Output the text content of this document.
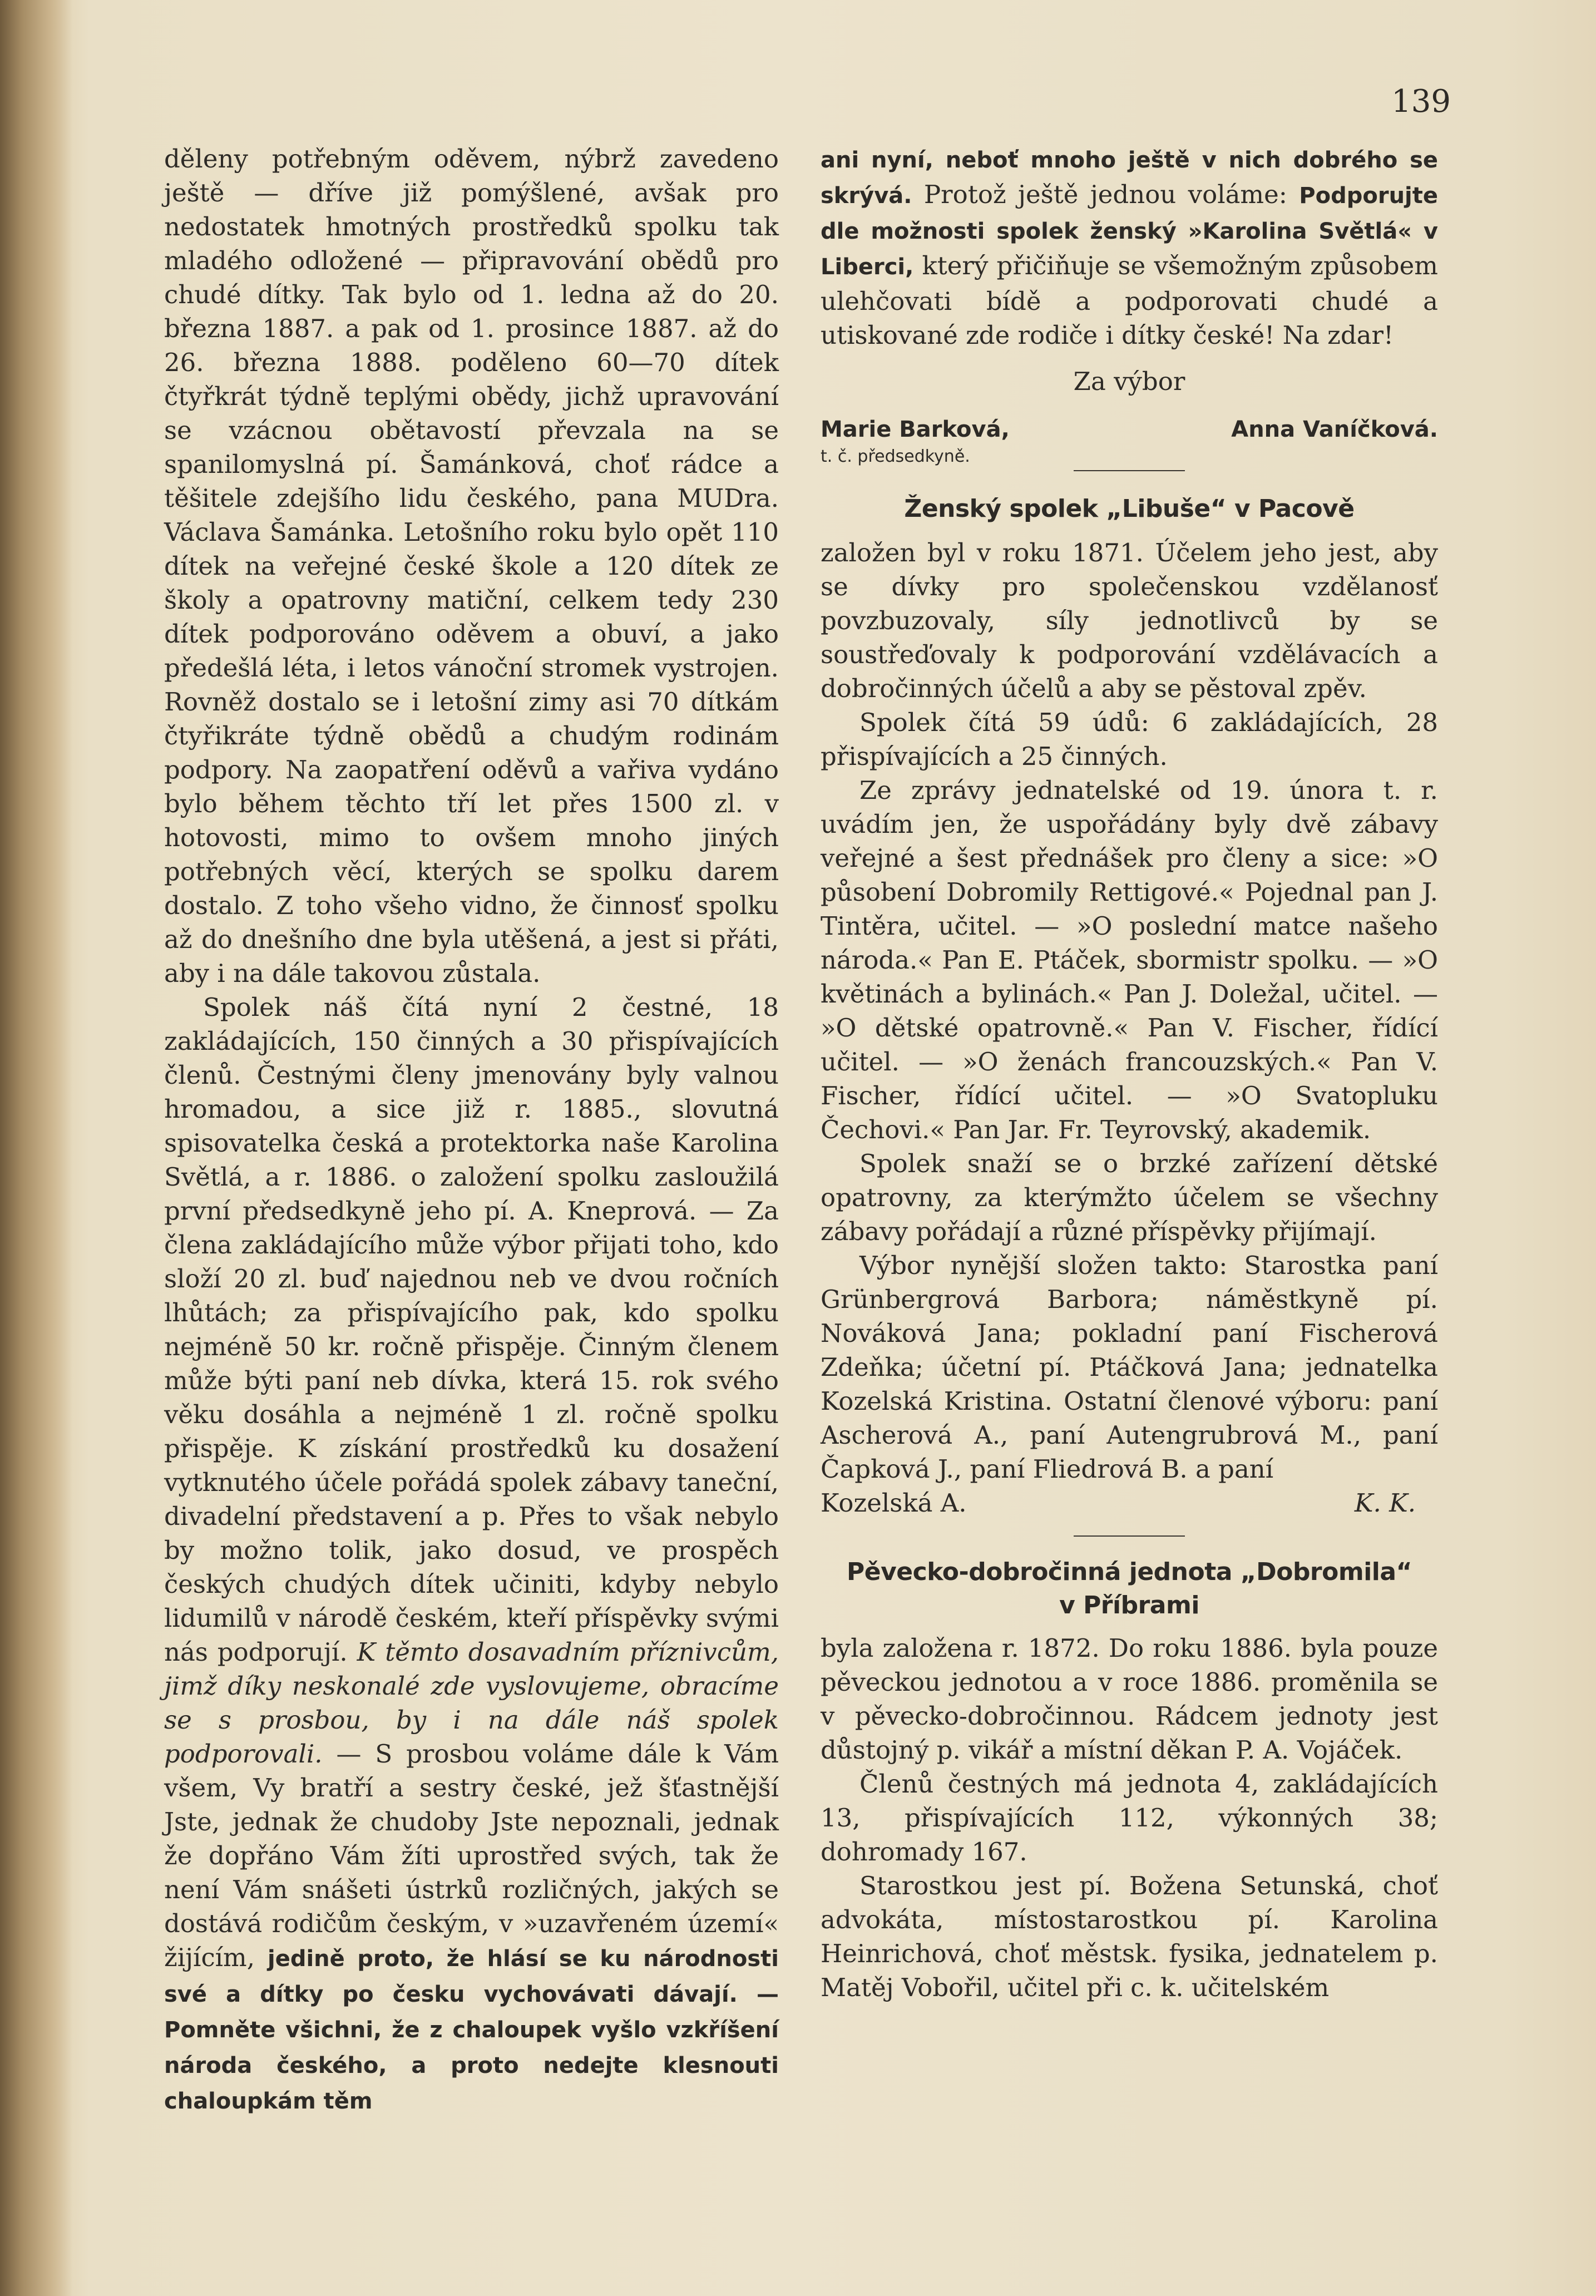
139

děleny potřebným oděvem, nýbrž zavedeno ještě — dříve již pomýšlené, avšak pro nedostatek hmotných prostředků spolku tak mladého odložené — připravování obědů pro chudé dítky. Tak bylo od 1. ledna až do 20. března 1887. a pak od 1. prosince 1887. až do 26. března 1888. poděleno 60—70 dítek čtyřkrát týdně teplými obědy, jichž upravování se vzácnou obětavostí převzala na se spanilomyslná pí. Šamánková, choť rádce a těšitele zdejšího lidu českého, pana MUDra. Václava Šamánka. Letošního roku bylo opět 110 dítek na veřejné české škole a 120 dítek ze školy a opatrovny matiční, celkem tedy 230 dítek podporováno oděvem a obuví, a jako předešlá léta, i letos vánoční stromek vystrojen. Rovněž dostalo se i letošní zimy asi 70 dítkám čtyřikráte týdně obědů a chudým rodinám podpory. Na zaopatření oděvů a vařiva vydáno bylo během těchto tří let přes 1500 zl. v hotovosti, mimo to ovšem mnoho jiných potřebných věcí, kterých se spolku darem dostalo. Z toho všeho vidno, že činnosť spolku až do dnešního dne byla utěšená, a jest si přáti, aby i na dále takovou zůstala.

Spolek náš čítá nyní 2 čestné, 18 zakládajících, 150 činných a 30 přispívajících členů. Čestnými členy jmenovány byly valnou hromadou, a sice již r. 1885., slovutná spisovatelka česká a protektorka naše Karolina Světlá, a r. 1886. o založení spolku zasloužilá první předsedkyně jeho pí. A. Kneprová. — Za člena zakládajícího může výbor přijati toho, kdo složí 20 zl. buď najednou neb ve dvou ročních lhůtách; za přispívajícího pak, kdo spolku nejméně 50 kr. ročně přispěje. Činným členem může býti paní neb dívka, která 15. rok svého věku dosáhla a nejméně 1 zl. ročně spolku přispěje. K získání prostředků ku dosažení vytknutého účele pořádá spolek zábavy taneční, divadelní představení a p. Přes to však nebylo by možno tolik, jako dosud, ve prospěch českých chudých dítek učiniti, kdyby nebylo lidumilů v národě českém, kteří příspěvky svými nás podporují. K těmto dosavadním příznivcům, jimž díky neskonalé zde vyslovujeme, obracíme se s prosbou, by i na dále náš spolek podporovali. — S prosbou voláme dále k Vám všem, Vy bratří a sestry české, jež šťastnější Jste, jednak že chudoby Jste nepoznali, jednak že dopřáno Vám žíti uprostřed svých, tak že není Vám snášeti ústrků rozličných, jakých se dostává rodičům českým, v »uzavřeném území« žijícím, jedině proto, že hlásí se ku národnosti své a dítky po česku vychovávati dávají. — Pomněte všichni, že z chaloupek vyšlo vzkříšení národa českého, a proto nedejte klesnouti chaloupkám těm

ani nyní, neboť mnoho ještě v nich dobrého se skrývá. Protož ještě jednou voláme: Podporujte dle možnosti spolek ženský »Karolina Světlá« v Liberci, který přičiňuje se všemožným způsobem ulehčovati bídě a podporovati chudé a utiskované zde rodiče i dítky české! Na zdar!

Za výbor

Marie Barková,	Anna Vaníčková.
t. č. předsedkyně.
Ženský spolek „Libuše“ v Pacově

založen byl v roku 1871. Účelem jeho jest, aby se dívky pro společenskou vzdělanosť povzbuzovaly, síly jednotlivců by se soustřeďovaly k podporování vzdělávacích a dobročinných účelů a aby se pěstoval zpěv.

Spolek čítá 59 údů: 6 zakládajících, 28 přispívajících a 25 činných.

Ze zprávy jednatelské od 19. února t. r. uvádím jen, že uspořádány byly dvě zábavy veřejné a šest přednášek pro členy a sice: »O působení Dobromily Rettigové.« Pojednal pan J. Tintěra, učitel. — »O poslední matce našeho národa.« Pan E. Ptáček, sbormistr spolku. — »O květinách a bylinách.« Pan J. Doležal, učitel. — »O dětské opatrovně.« Pan V. Fischer, řídící učitel. — »O ženách francouzských.« Pan V. Fischer, řídící učitel. — »O Svatopluku Čechovi.« Pan Jar. Fr. Teyrovský, akademik.

Spolek snaží se o brzké zařízení dětské opatrovny, za kterýmžto účelem se všechny zábavy pořádají a různé příspěvky přijímají.

Výbor nynější složen takto: Starostka paní Grünbergrová Barbora; náměstkyně pí. Nováková Jana; pokladní paní Fischerová Zdeňka; účetní pí. Ptáčková Jana; jednatelka Kozelská Kristina. Ostatní členové výboru: paní Ascherová A., paní Autengrubrová M., paní Čapková J., paní Fliedrová B. a paní

Kozelská A.	K. K.
Pěvecko-dobročinná jednota „Dobromila“
v Příbrami

byla založena r. 1872. Do roku 1886. byla pouze pěveckou jednotou a v roce 1886. proměnila se v pěvecko-dobročinnou. Rádcem jednoty jest důstojný p. vikář a místní děkan P. A. Vojáček.

Členů čestných má jednota 4, zakládajících 13, přispívajících 112, výkonných 38; dohromady 167.

Starostkou jest pí. Božena Setunská, choť advokáta, místostarostkou pí. Karolina Heinrichová, choť městsk. fysika, jednatelem p. Matěj Vobořil, učitel při c. k. učitelském
